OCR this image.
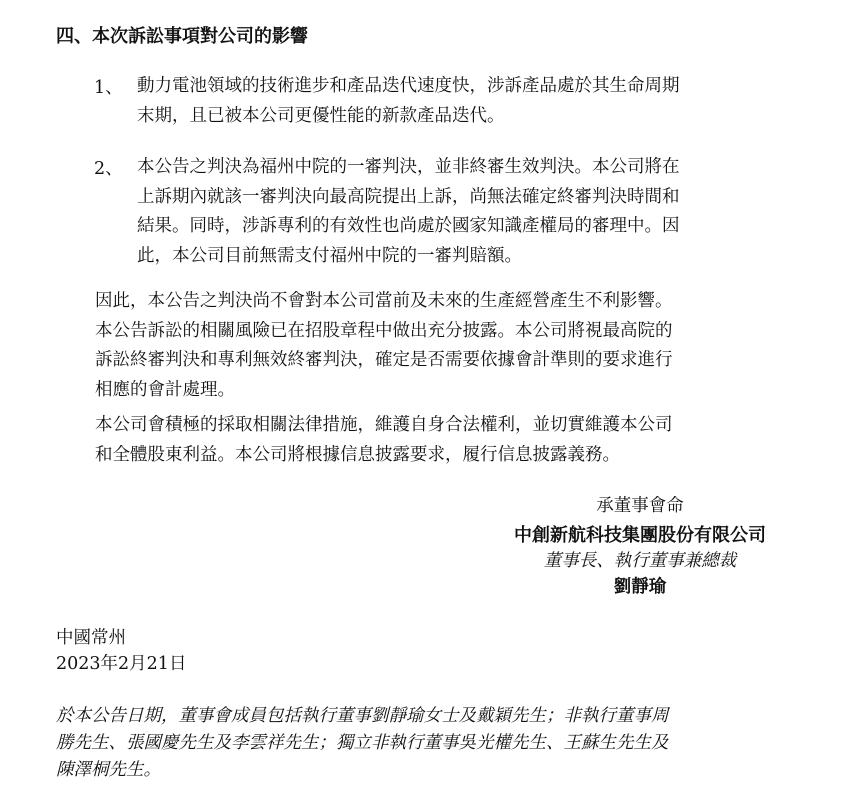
四、本次訴訟事項對公司的影響
1、 動力電池領域的技術進步和產品迭代速度快，涉訴產品處於其生命周期
末期，且已被本公司更優性能的新款產品迭代。
2、 本公告之判決為福州中院的一審判決，並非終審生效判決。本公司將在
上訴期內就該一審判決向最高院提出上訴，尚無法確定終審判決時間和
結果。同時，涉訴專利的有效性也尚處於國家知識產權局的審理中。因
此，本公司目前無需支付福州中院的一審判賠額。
因此，本公告之判決尚不會對本公司當前及未來的生產經營產生不利影響。
本公告訴訟的相關風險已在招股章程中做出充分披露。本公司將視最高院的
訴訟終審判決和專利無效終審判決，確定是否需要依據會計準則的要求進行
相應的會計處理。
本公司會積極的採取相關法律措施，維護自身合法權利，並切實維護本公司
和全體股東利益。本公司將根據信息披露要求，履行信息披露義務。
承董事會命
中創新航科技集團股份有限公司
董事長、執行董事兼總裁
劉靜瑜
中國常州
2023年2月21日
於本公告日期，董事會成員包括執行董事劉靜瑜女士及戴穎先生；非執行董事周
勝先生、張國慶先生及李雲祥先生；獨立非執行董事吳光權先生、王蘇生先生及
陳澤桐先生。
